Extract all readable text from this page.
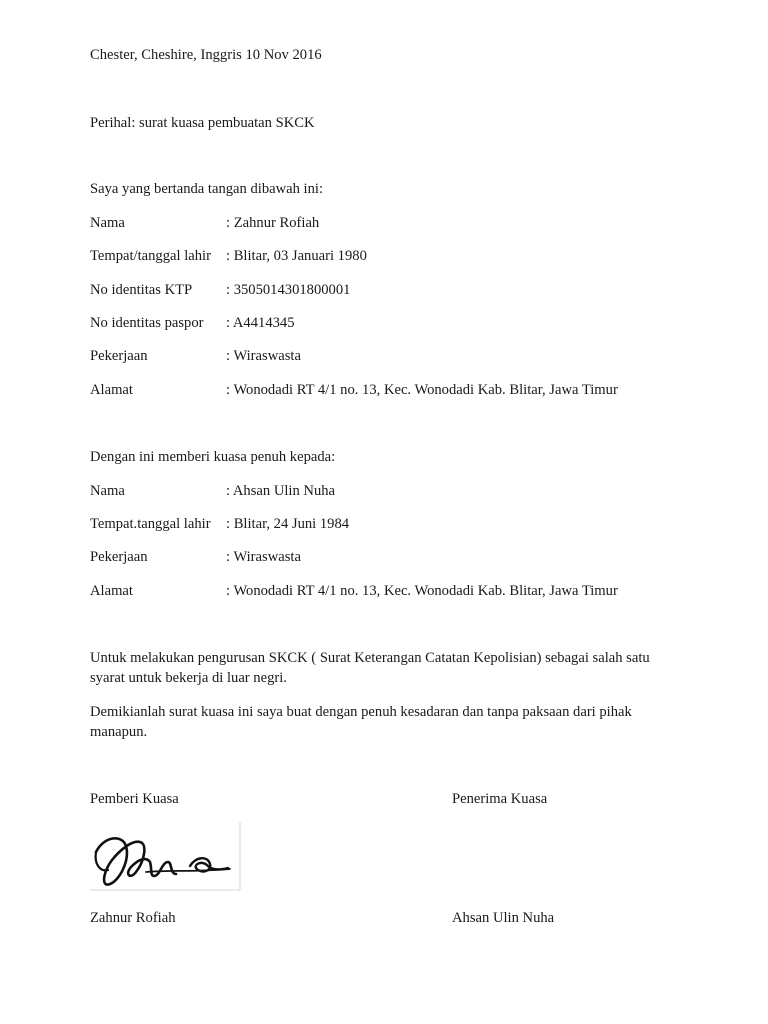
Chester, Cheshire, Inggris 10 Nov 2016
Perihal: surat kuasa pembuatan SKCK
Saya yang bertanda tangan dibawah ini:
Nama	: Zahnur Rofiah
Tempat/tanggal lahir : Blitar, 03 Januari 1980
No identitas KTP : 3505014301800001
No identitas paspor : A4414345
Pekerjaan	: Wiraswasta
Alamat	: Wonodadi RT 4/1 no. 13, Kec. Wonodadi Kab. Blitar, Jawa Timur
Dengan ini memberi kuasa penuh kepada:
Nama	: Ahsan Ulin Nuha
Tempat.tanggal lahir : Blitar, 24 Juni 1984
Pekerjaan	: Wiraswasta
Alamat	: Wonodadi RT 4/1 no. 13, Kec. Wonodadi Kab. Blitar, Jawa Timur
Untuk melakukan pengurusan SKCK ( Surat Keterangan Catatan Kepolisian) sebagai salah satu syarat untuk bekerja di luar negri.
Demikianlah surat kuasa ini saya buat dengan penuh kesadaran dan tanpa paksaan dari pihak manapun.
Pemberi Kuasa	Penerima Kuasa
Zahnur Rofiah	Ahsan Ulin Nuha
